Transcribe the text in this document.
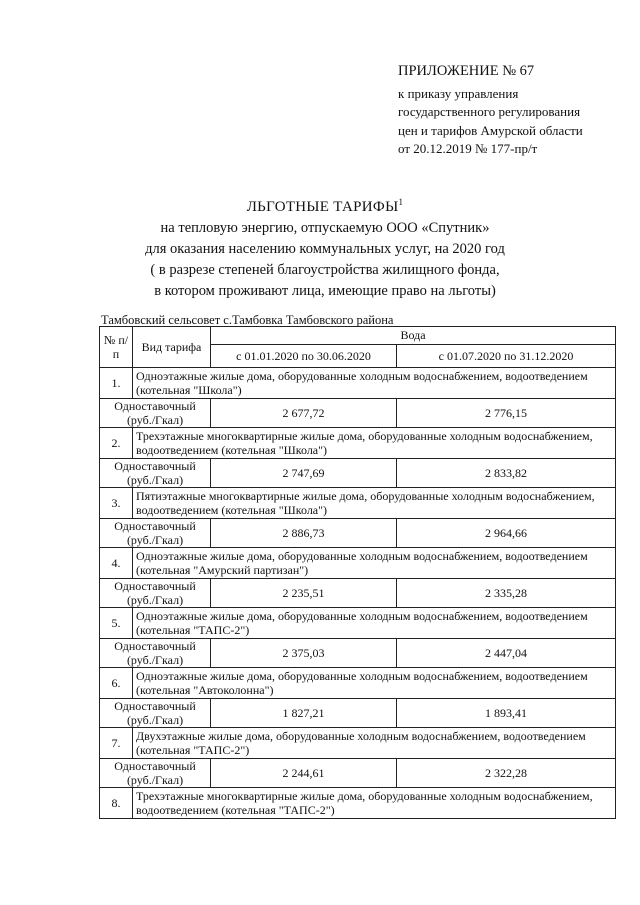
ПРИЛОЖЕНИЕ № 67
к приказу управления
государственного регулирования
цен и тарифов Амурской области
от 20.12.2019 № 177-пр/т
ЛЬГОТНЫЕ ТАРИФЫ$^1$
на тепловую энергию, отпускаемую ООО «Спутник»
для оказания населению коммунальных услуг, на 2020 год
( в разрезе степеней благоустройства жилищного фонда,
в котором проживают лица, имеющие право на льготы)
Тамбовский сельсовет с.Тамбовка Тамбовского района
№ п/п	Вид тарифа	Вода	
		с 01.01.2020 по 30.06.2020	с 01.07.2020 по 31.12.2020
1.	Одноэтажные жилые дома, оборудованные холодным водоснабжением, водоотведением (котельная "Школа")		

Одноставочный
(руб./Гкал)		2 677,72	2 776,15
2.	Трехэтажные многоквартирные жилые дома, оборудованные холодным водоснабжением, водоотведением (котельная "Школа")		

Одноставочный
(руб./Гкал)		2 747,69	2 833,82
3.	Пятиэтажные многоквартирные жилые дома, оборудованные холодным водоснабжением, водоотведением (котельная "Школа")		

Одноставочный
(руб./Гкал)		2 886,73	2 964,66
4.	Одноэтажные жилые дома, оборудованные холодным водоснабжением, водоотведением (котельная "Амурский партизан")		

Одноставочный
(руб./Гкал)		2 235,51	2 335,28
5.	Одноэтажные жилые дома, оборудованные холодным водоснабжением, водоотведением (котельная "ТАПС-2")		

Одноставочный
(руб./Гкал)		2 375,03	2 447,04
6.	Одноэтажные жилые дома, оборудованные холодным водоснабжением, водоотведением (котельная "Автоколонна")		

Одноставочный
(руб./Гкал)		1 827,21	1 893,41
7.	Двухэтажные жилые дома, оборудованные холодным водоснабжением, водоотведением (котельная "ТАПС-2")		

Одноставочный
(руб./Гкал)		2 244,61	2 322,28
8.	Трехэтажные многоквартирные жилые дома, оборудованные холодным водоснабжением, водоотведением (котельная "ТАПС-2")		
